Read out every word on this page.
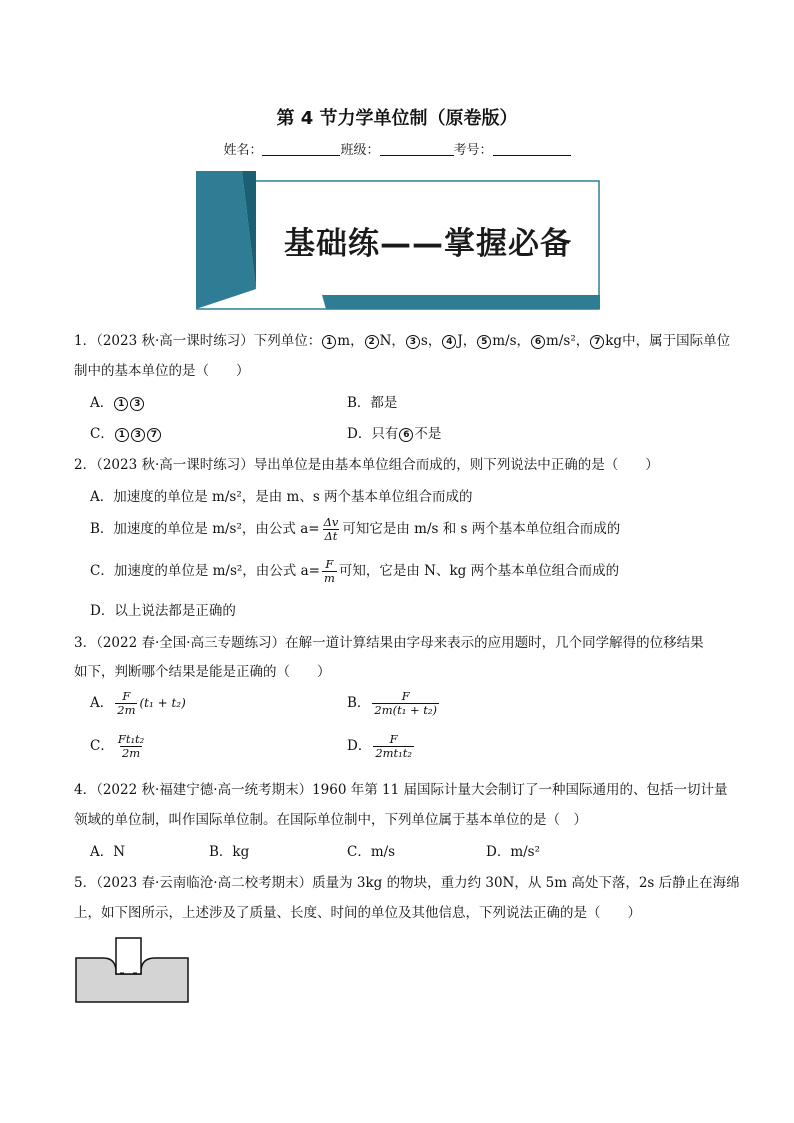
第 4 节力学单位制（原卷版）
姓名：	班级：	考号：
基础练——掌握必备
1．（2023 秋·高一课时练习）下列单位： 1 m， 2 N， 3 s， 4 J， 5 m/s， 6 m/s²， 7 kg中，属于国际单位
制中的基本单位的是（　　）
A． 1 3	B．都是
C． 1 3 7	D．只有 6 不是
2．（2023 秋·高一课时练习）导出单位是由基本单位组合而成的，则下列说法中正确的是（　　）
A．加速度的单位是 m/s²，是由 m、s 两个基本单位组合而成的
B．加速度的单位是 m/s²，由公式 $a= \frac{\Delta v}{\Delta t}$ 可知它是由 m/s 和 s 两个基本单位组合而成的
C．加速度的单位是 m/s²，由公式 $a= \frac{F}{m}$ 可知，它是由 N、kg 两个基本单位组合而成的
D．以上说法都是正确的
3．（2022 春·全国·高三专题练习）在解一道计算结果由字母来表示的应用题时，几个同学解得的位移结果
如下，判断哪个结果是能是正确的（　　）
A． $\frac{F}{2m} (t_1 + t_2)$	B． $\frac{F}{\text{2m(t₁ + t₂)}}$
C． $\frac{\text{Ft₁t₂}}{2m}$	D． $\frac{F}{\text{2mt₁t₂}}$
4．（2022 秋·福建宁德·高一统考期末）1960 年第 11 届国际计量大会制订了一种国际通用的、包括一切计量
领域的单位制，叫作国际单位制。在国际单位制中，下列单位属于基本单位的是（　）
A．N	B．kg	C．m/s	D．m/s²
5．（2023 春·云南临沧·高二校考期末）质量为 3kg 的物块，重力约 30N，从 5m 高处下落，2s 后静止在海绵
上，如下图所示，上述涉及了质量、长度、时间的单位及其他信息，下列说法正确的是（　　）
